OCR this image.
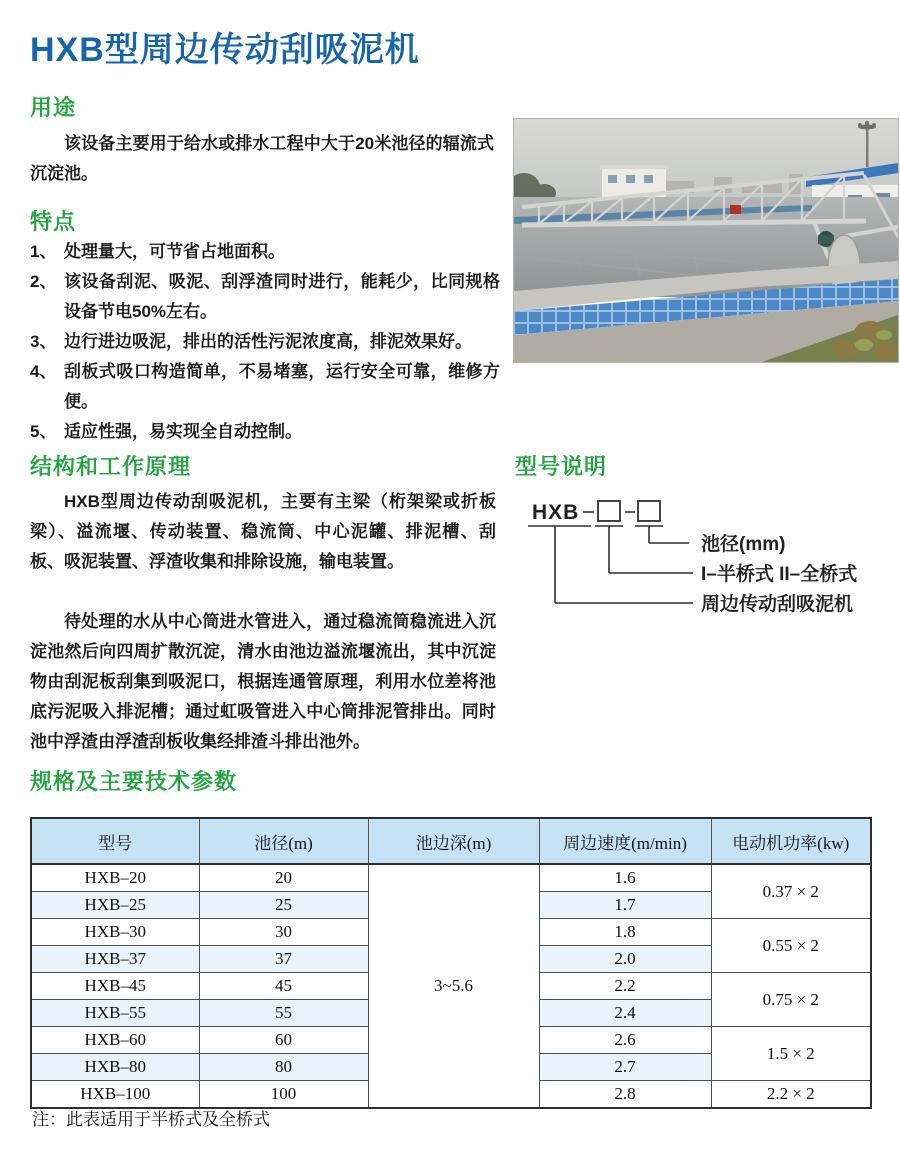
HXB型周边传动刮吸泥机
用途

该设备主要用于给水或排水工程中大于20米池径的辐流式沉淀池。

特点
1、 处理量大，可节省占地面积。
2、 该设备刮泥、吸泥、刮浮渣同时进行，能耗少，比同规格设备节电50%左右。
3、 边行进边吸泥，排出的活性污泥浓度高，排泥效果好。
4、 刮板式吸口构造简单，不易堵塞，运行安全可靠，维修方便。
5、 适应性强，易实现全自动控制。
结构和工作原理

HXB型周边传动刮吸泥机，主要有主梁（桁架梁或折板梁）、溢流堰、传动装置、稳流筒、中心泥罐、排泥槽、刮板、吸泥装置、浮渣收集和排除设施，输电装置。

待处理的水从中心筒进水管进入，通过稳流筒稳流进入沉淀池然后向四周扩散沉淀，清水由池边溢流堰流出，其中沉淀物由刮泥板刮集到吸泥口，根据连通管原理，利用水位差将池底污泥吸入排泥槽；通过虹吸管进入中心筒排泥管排出。同时池中浮渣由浮渣刮板收集经排渣斗排出池外。

型号说明
HXB
池径(mm)
I–半桥式 II–全桥式
周边传动刮吸泥机
规格及主要技术参数
型号	池径(m)	池边深(m)	周边速度(m/min)	电动机功率(kw)
HXB–20	20	3~5.6	1.6	0.37 × 2
HXB–25	25		1.7	
HXB–30	30		1.8	0.55 × 2
HXB–37	37		2.0	
HXB–45	45		2.2	0.75 × 2
HXB–55	55		2.4	
HXB–60	60		2.6	1.5 × 2
HXB–80	80		2.7	
HXB–100	100		2.8	2.2 × 2

注：此表适用于半桥式及全桥式
